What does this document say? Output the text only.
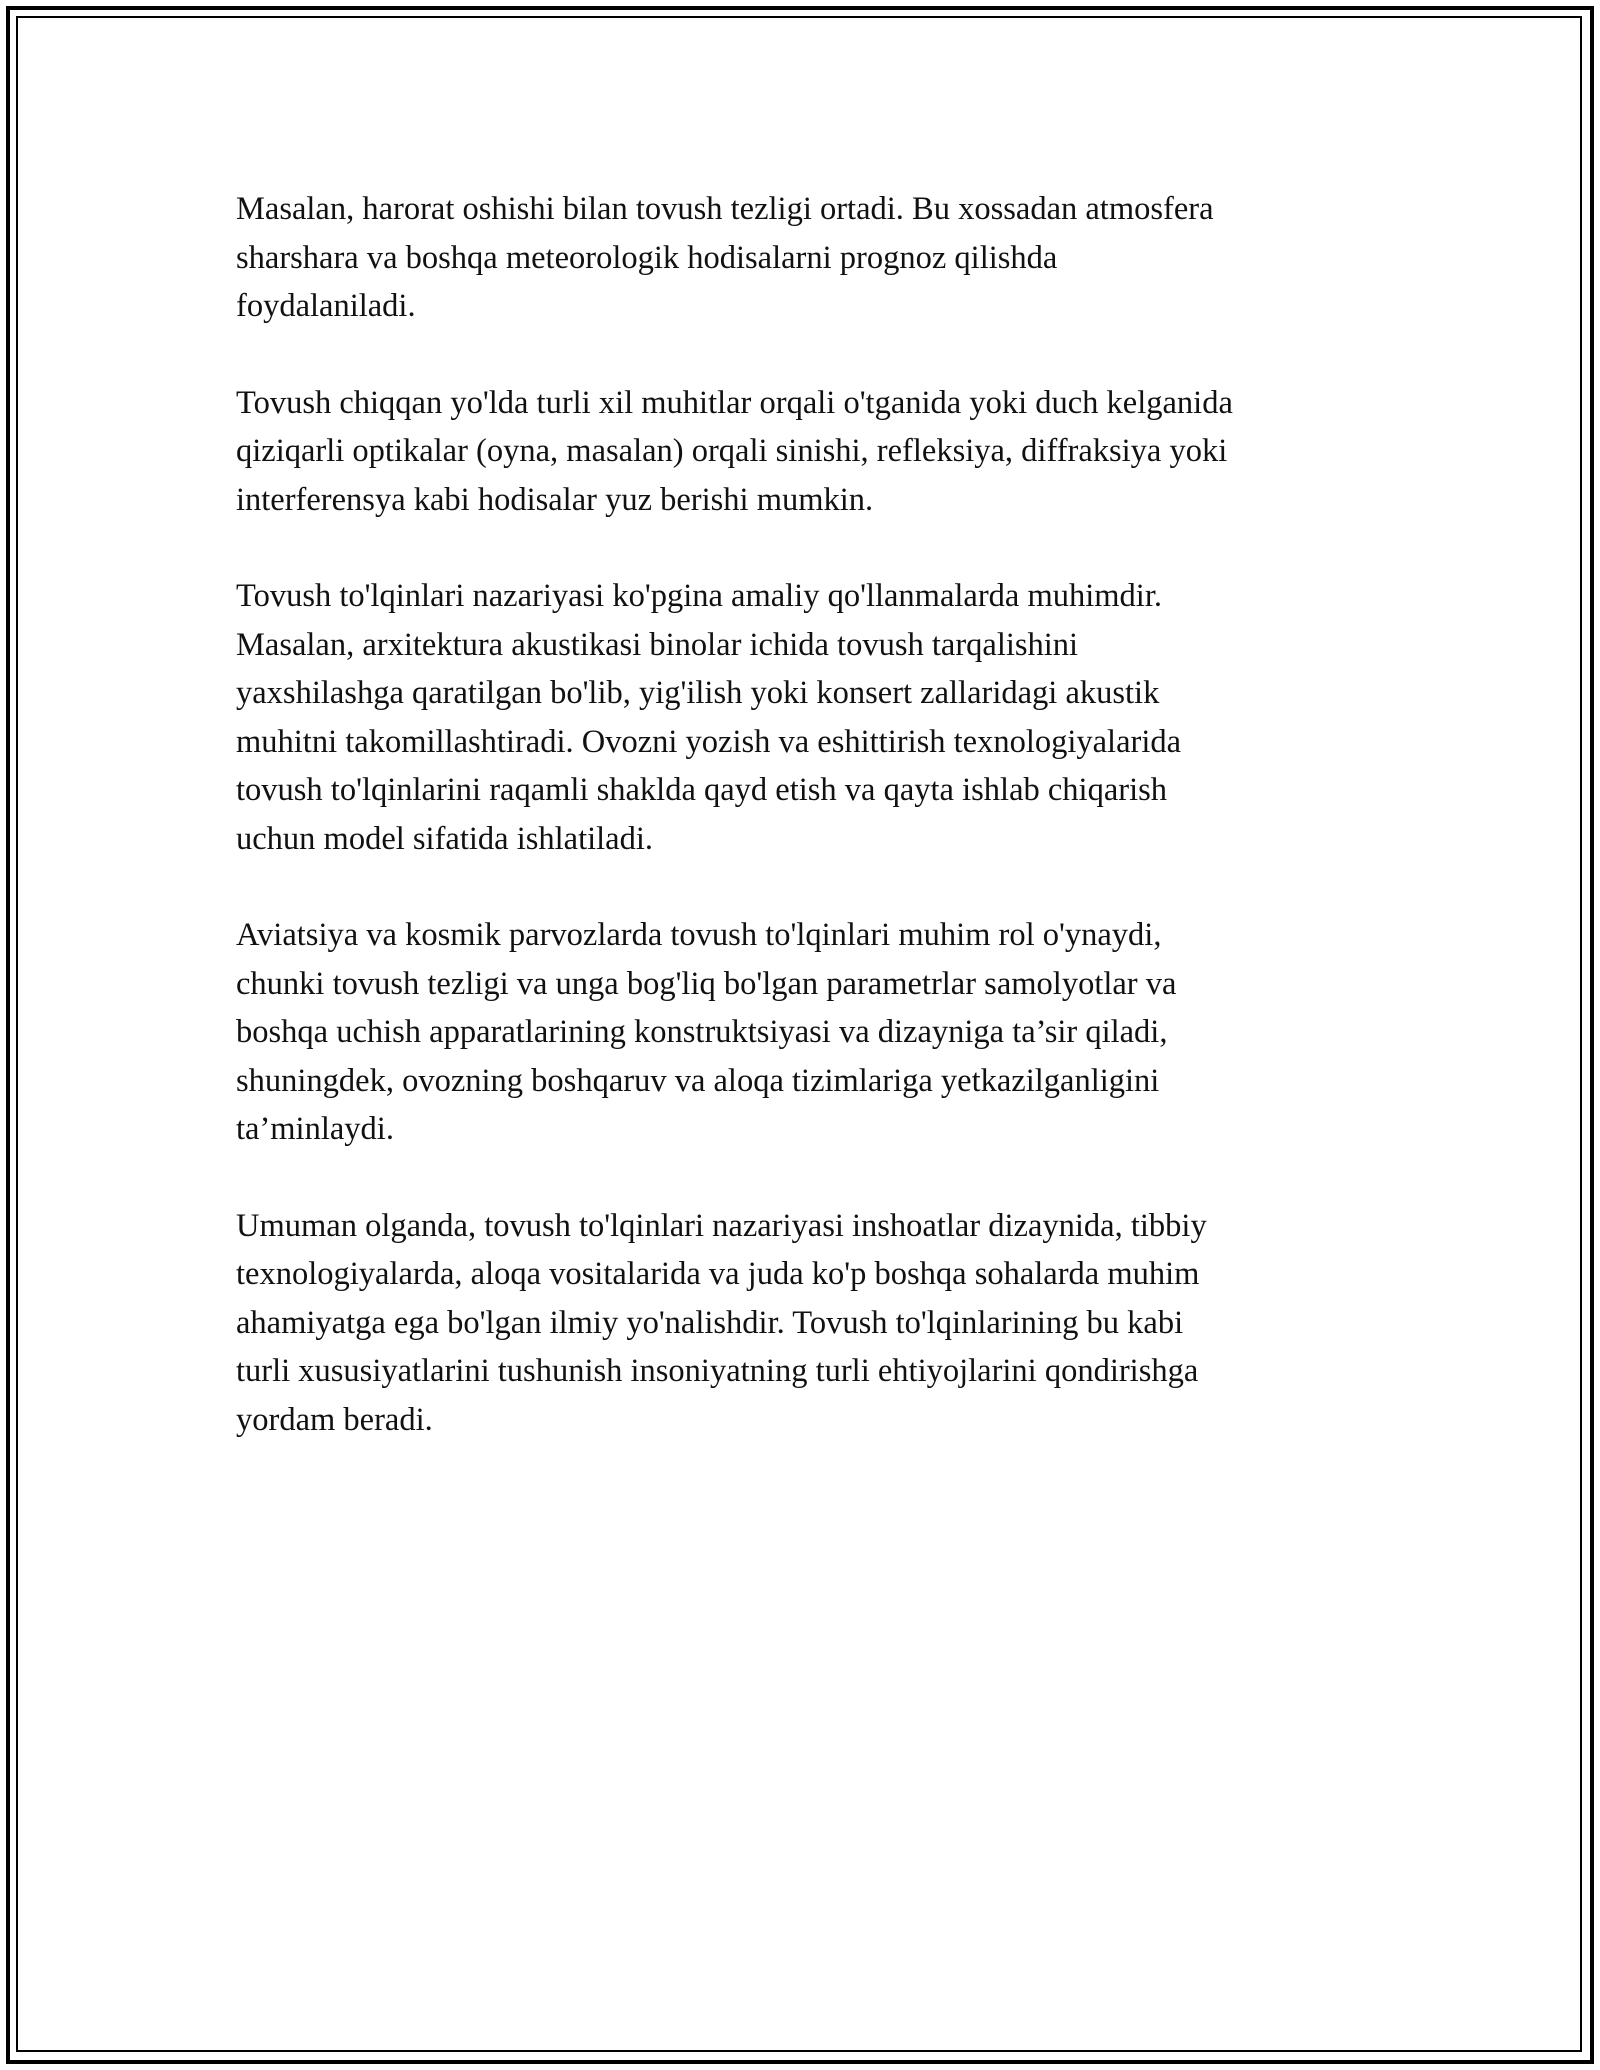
Masalan, harorat oshishi bilan tovush tezligi ortadi. Bu xossadan atmosfera
sharshara va boshqa meteorologik hodisalarni prognoz qilishda
foydalaniladi.

Tovush chiqqan yo'lda turli xil muhitlar orqali o'tganida yoki duch kelganida
qiziqarli optikalar (oyna, masalan) orqali sinishi, refleksiya, diffraksiya yoki
interferensya kabi hodisalar yuz berishi mumkin.

Tovush to'lqinlari nazariyasi ko'pgina amaliy qo'llanmalarda muhimdir.
Masalan, arxitektura akustikasi binolar ichida tovush tarqalishini
yaxshilashga qaratilgan bo'lib, yig'ilish yoki konsert zallaridagi akustik
muhitni takomillashtiradi. Ovozni yozish va eshittirish texnologiyalarida
tovush to'lqinlarini raqamli shaklda qayd etish va qayta ishlab chiqarish
uchun model sifatida ishlatiladi.

Aviatsiya va kosmik parvozlarda tovush to'lqinlari muhim rol o'ynaydi,
chunki tovush tezligi va unga bog'liq bo'lgan parametrlar samolyotlar va
boshqa uchish apparatlarining konstruktsiyasi va dizayniga ta’sir qiladi,
shuningdek, ovozning boshqaruv va aloqa tizimlariga yetkazilganligini
ta’minlaydi.

Umuman olganda, tovush to'lqinlari nazariyasi inshoatlar dizaynida, tibbiy
texnologiyalarda, aloqa vositalarida va juda ko'p boshqa sohalarda muhim
ahamiyatga ega bo'lgan ilmiy yo'nalishdir. Tovush to'lqinlarining bu kabi
turli xususiyatlarini tushunish insoniyatning turli ehtiyojlarini qondirishga
yordam beradi.
